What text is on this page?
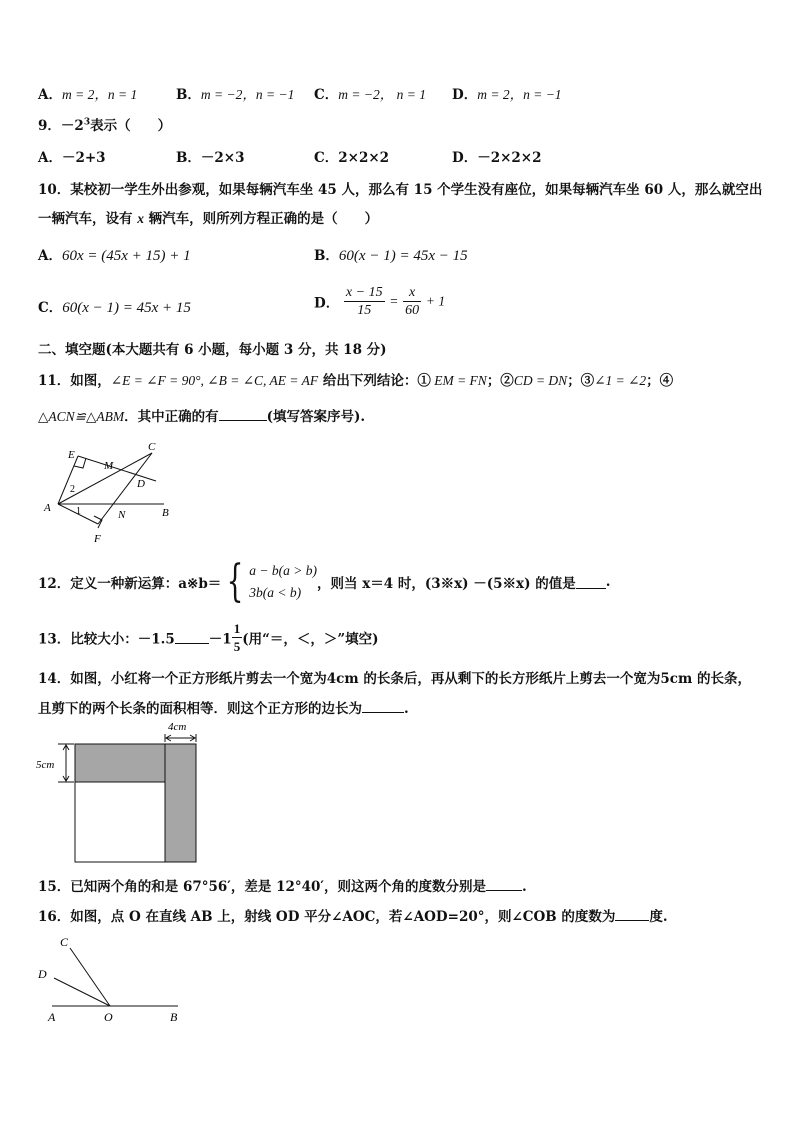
A．m = 2，n = 1	B．m = −2，n = −1 C．m = −2， n = 1 D．m = 2，n = −1
9．$-2^3$表示（　　）
A．－2+3	B．－2×3	C．2×2×2	D．－2×2×2
10．某校初一学生外出参观，如果每辆汽车坐 45 人，那么有 15 个学生没有座位，如果每辆汽车坐 60 人，那么就空出
一辆汽车，设有 x 辆汽车，则所列方程正确的是（　　）
A．60x = (45x + 15) + 1	B．60(x − 1) = 45x − 15
C．60(x − 1) = 45x + 15	D． $\frac{x - 15}{15} = \frac{x}{60} + 1$
二、填空题(本大题共有 6 小题，每小题 3 分，共 18 分)
11．如图，∠E = ∠F = 90°, ∠B = ∠C, AE = AF 给出下列结论：① EM = FN；②CD = DN；③∠1 = ∠2；④
△ACN≌△ABM．其中正确的有	(填写答案序号).
E
M
C
D
A
N	B
F
1
2
12．定义一种新运算：a※b＝ { a − b(a > b)
3b(a < b)
，则当 x＝4 时，(3※x) －(5※x) 的值是 .
13．比较大小：－1.5	$-1 \frac{1}{5}$ (用“＝，＜，＞”填空)
14．如图，小红将一个正方形纸片剪去一个宽为4cm 的长条后，再从剩下的长方形纸片上剪去一个宽为5cm 的长条，
且剪下的两个长条的面积相等．则这个正方形的边长为	.
4cm
5cm
15．已知两个角的和是 67°56′，差是 12°40′，则这两个角的度数分别是	.
16．如图，点 O 在直线 AB 上，射线 OD 平分∠AOC，若∠AOD=20°，则∠COB 的度数为	度.
C
D
A	O	B
